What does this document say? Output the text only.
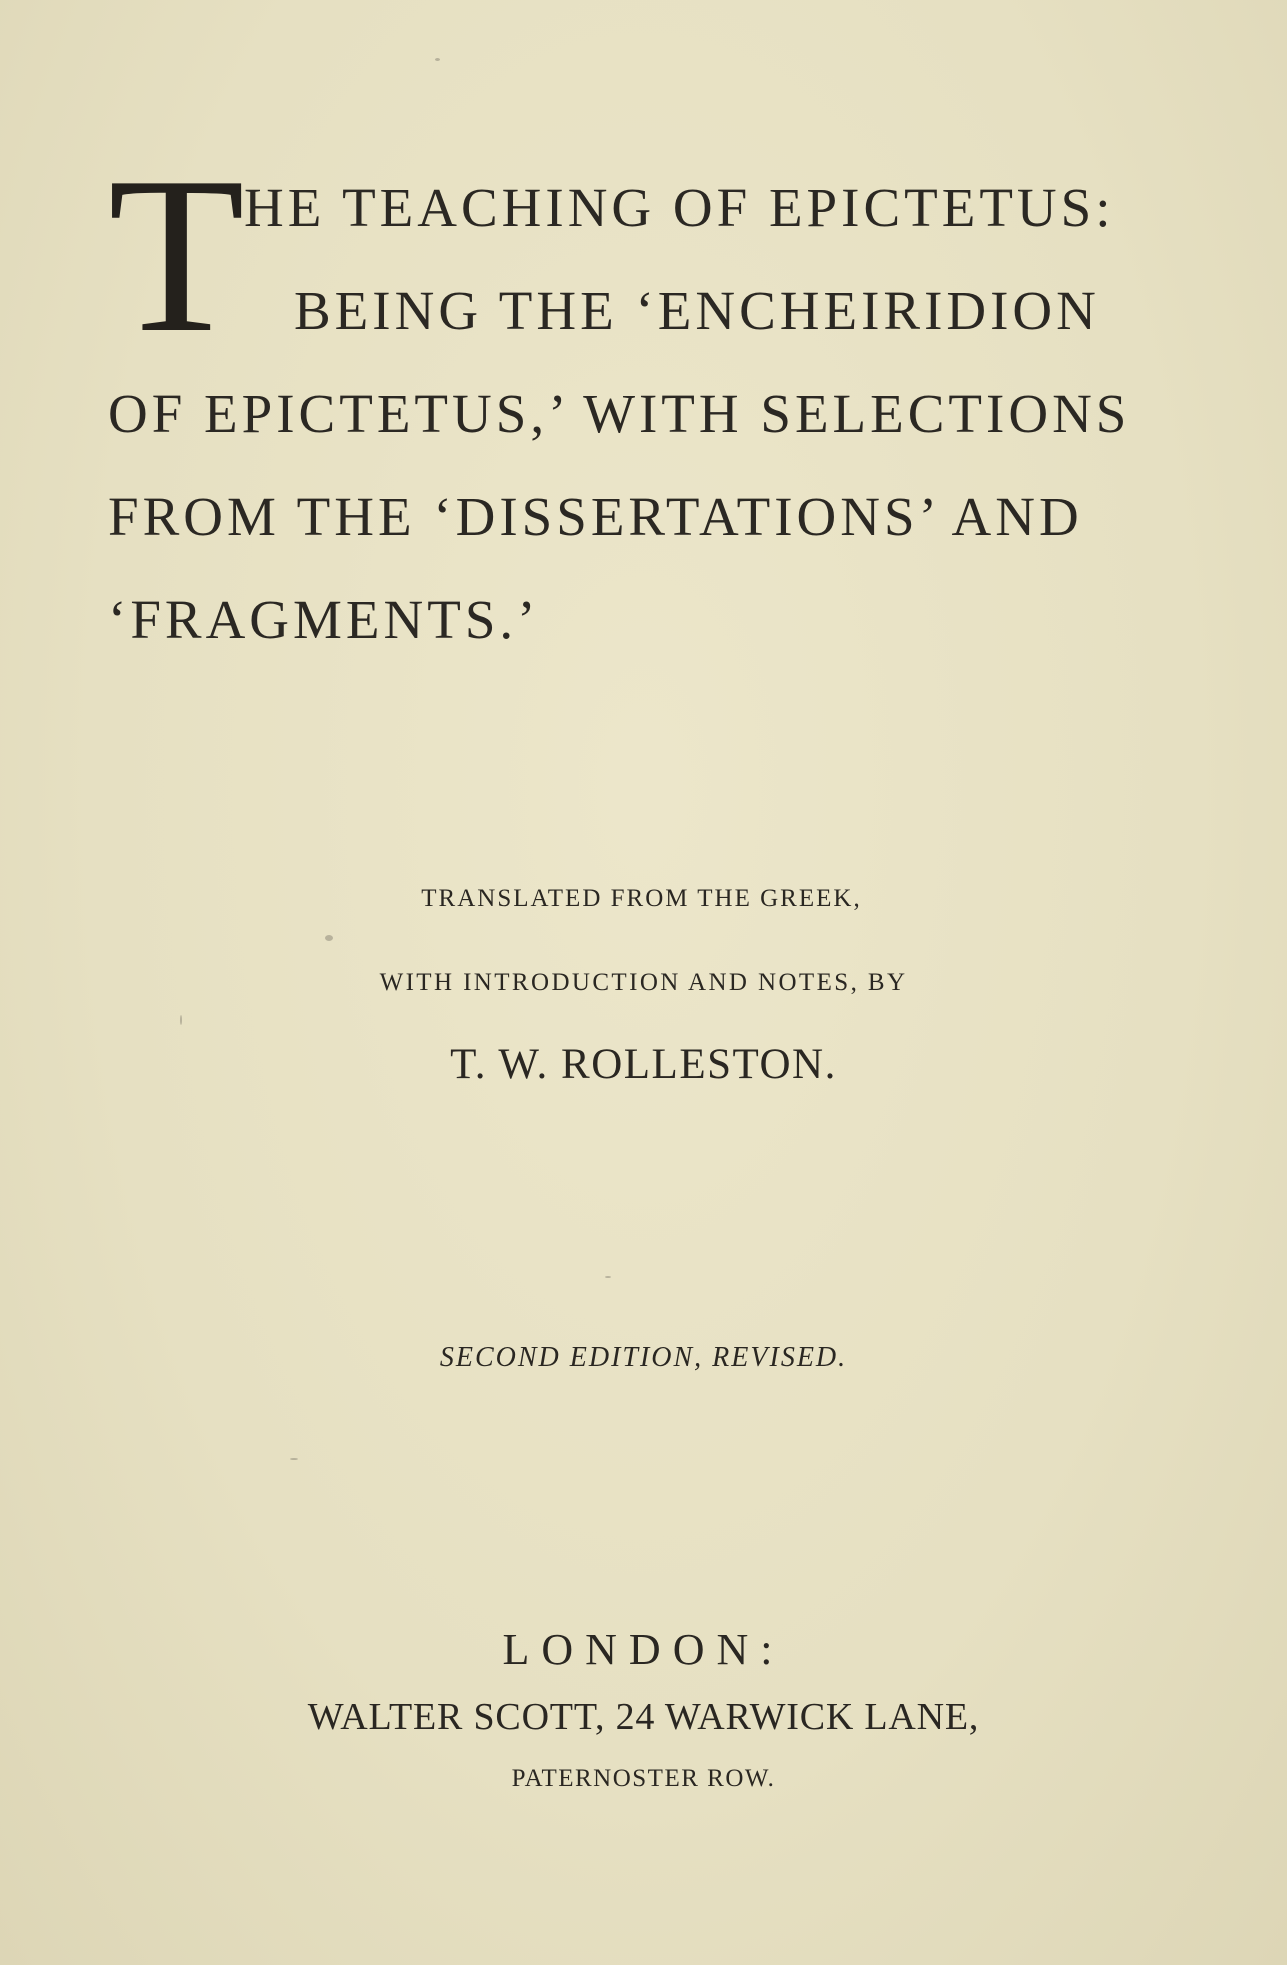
T HE TEACHING OF EPICTETUS:
BEING THE ‘ENCHEIRIDION
OF EPICTETUS,’ WITH SELECTIONS
FROM THE ‘DISSERTATIONS’ AND
‘FRAGMENTS.’
TRANSLATED FROM THE GREEK,
WITH INTRODUCTION AND NOTES, BY
T. W. ROLLESTON.
SECOND EDITION, REVISED.
LONDON:
WALTER SCOTT, 24 WARWICK LANE,
PATERNOSTER ROW.
